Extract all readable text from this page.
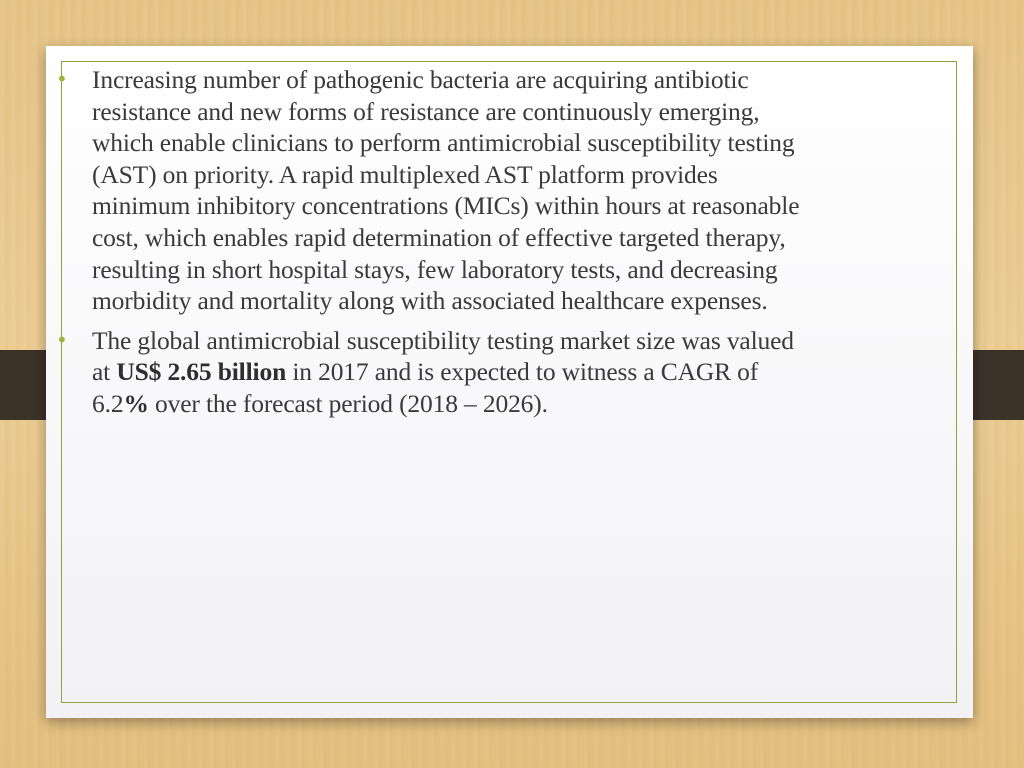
• Increasing number of pathogenic bacteria are acquiring antibiotic
resistance and new forms of resistance are continuously emerging,
which enable clinicians to perform antimicrobial susceptibility testing
(AST) on priority. A rapid multiplexed AST platform provides
minimum inhibitory concentrations (MICs) within hours at reasonable
cost, which enables rapid determination of effective targeted therapy,
resulting in short hospital stays, few laboratory tests, and decreasing
morbidity and mortality along with associated healthcare expenses.
• The global antimicrobial susceptibility testing market size was valued
at US$ 2.65 billion in 2017 and is expected to witness a CAGR of
6.2% over the forecast period (2018 – 2026).
